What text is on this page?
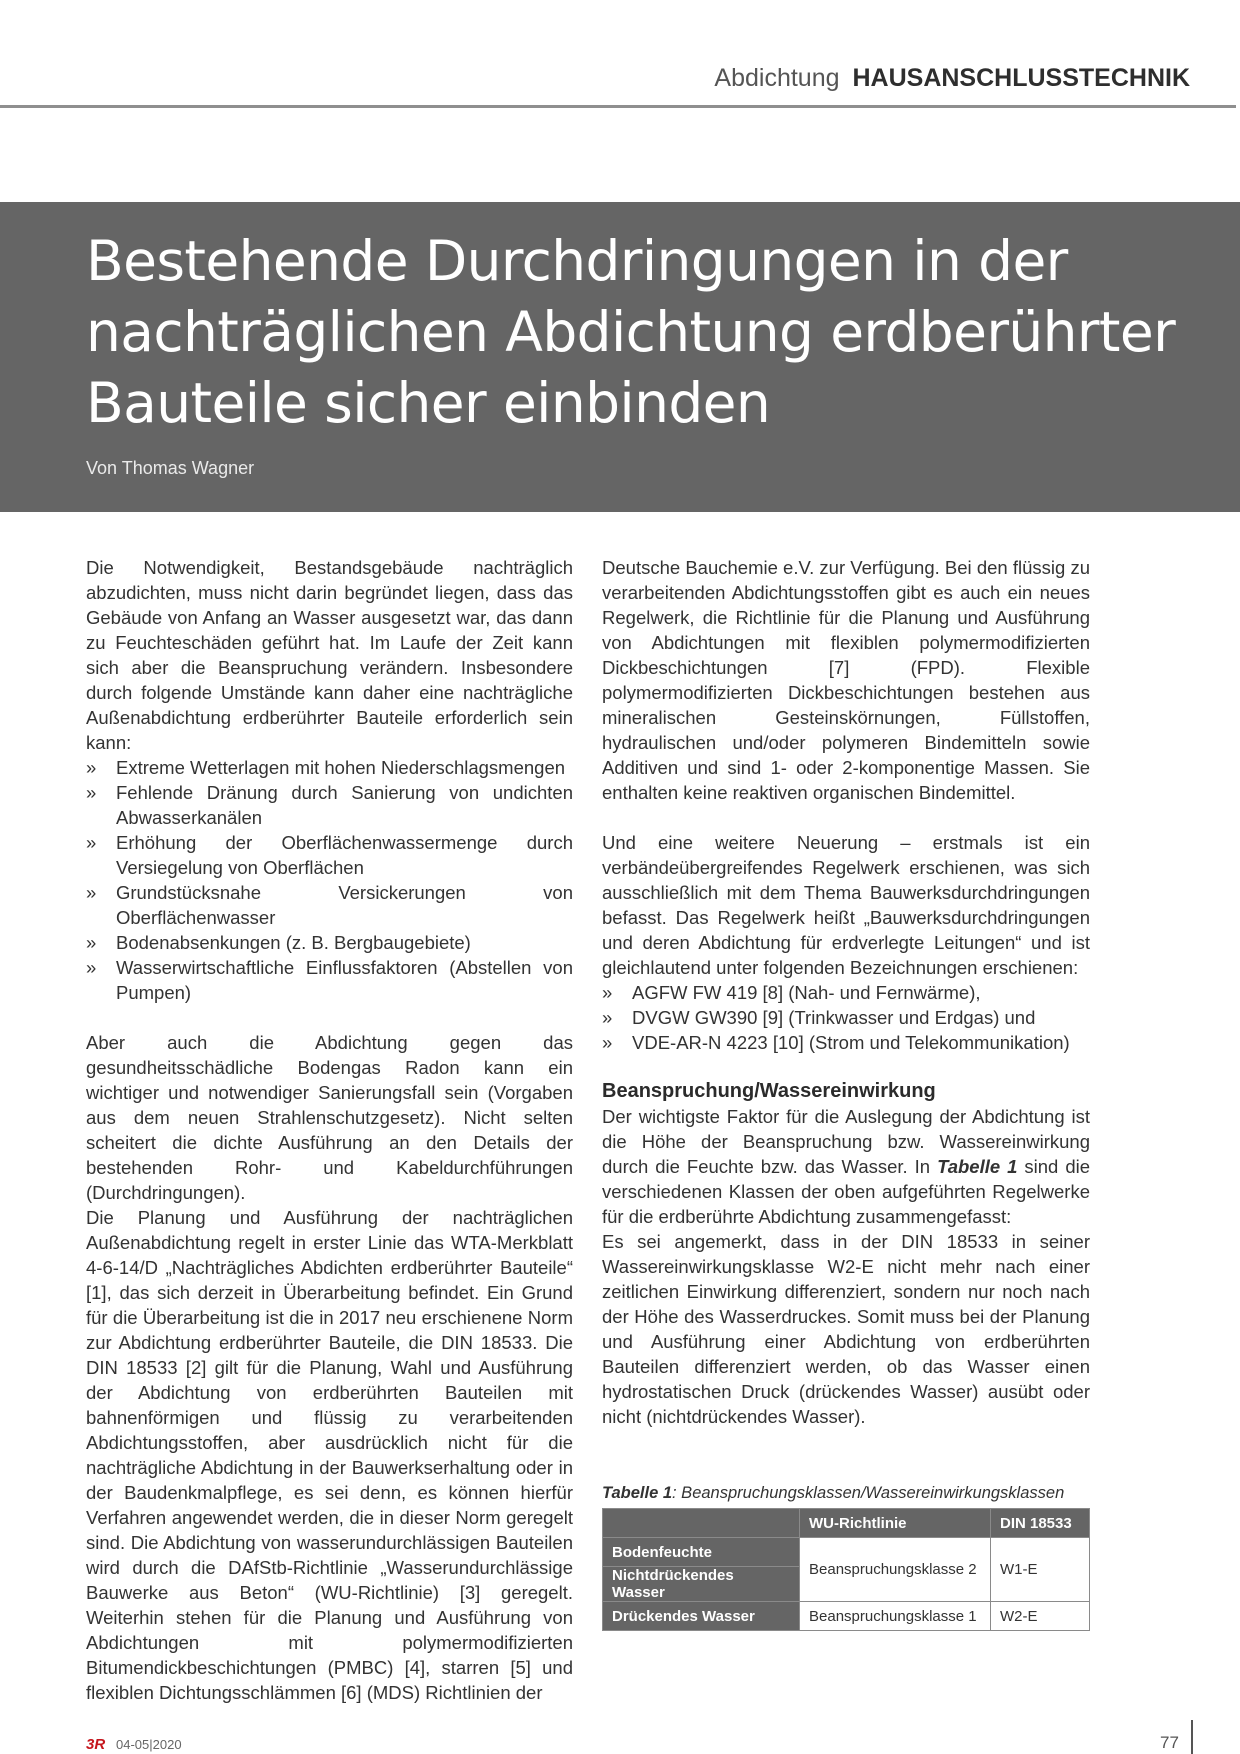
Abdichtung HAUSANSCHLUSSTECHNIK
Bestehende Durchdringungen in der
nachträglichen Abdichtung erdberührter
Bauteile sicher einbinden
Von Thomas Wagner

Die Notwendigkeit, Bestandsgebäude nachträglich abzudichten, muss nicht darin begründet liegen, dass das Gebäude von Anfang an Wasser ausgesetzt war, das dann zu Feuchteschäden geführt hat. Im Laufe der Zeit kann sich aber die Beanspruchung verändern. Insbesondere durch folgende Umstände kann daher eine nachträgliche Außenabdichtung erdberührter Bauteile erforderlich sein kann:

» Extreme Wetterlagen mit hohen Niederschlagsmengen
» Fehlende Dränung durch Sanierung von undichten Abwasserkanälen
» Erhöhung der Oberflächenwassermenge durch Versiegelung von Oberflächen
» Grundstücksnahe Versickerungen von Oberflächenwasser
» Bodenabsenkungen (z. B. Bergbaugebiete)
» Wasserwirtschaftliche Einflussfaktoren (Abstellen von Pumpen)

Aber auch die Abdichtung gegen das gesundheitsschädliche Bodengas Radon kann ein wichtiger und notwendiger Sanierungsfall sein (Vorgaben aus dem neuen Strahlenschutzgesetz). Nicht selten scheitert die dichte Ausführung an den Details der bestehenden Rohr- und Kabeldurchführungen (Durchdringungen).

Die Planung und Ausführung der nachträglichen Außenabdichtung regelt in erster Linie das WTA-Merkblatt 4-6-14/D „Nachträgliches Abdichten erdberührter Bauteile“ [1], das sich derzeit in Überarbeitung befindet. Ein Grund für die Überarbeitung ist die in 2017 neu erschienene Norm zur Abdichtung erdberührter Bauteile, die DIN 18533. Die DIN 18533 [2] gilt für die Planung, Wahl und Ausführung der Abdichtung von erdberührten Bauteilen mit bahnenförmigen und flüssig zu verarbeitenden Abdichtungsstoffen, aber ausdrücklich nicht für die nachträgliche Abdichtung in der Bauwerkserhaltung oder in der Baudenkmalpflege, es sei denn, es können hierfür Verfahren angewendet werden, die in dieser Norm geregelt sind. Die Abdichtung von wasserundurchlässigen Bauteilen wird durch die DAfStb-Richtlinie „Wasserundurchlässige Bauwerke aus Beton“ (WU-Richtlinie) [3] geregelt. Weiterhin stehen für die Planung und Ausführung von Abdichtungen mit polymermodifizierten Bitumendickbeschichtungen (PMBC) [4], starren [5] und flexiblen Dichtungsschlämmen [6] (MDS) Richtlinien der

Deutsche Bauchemie e.V. zur Verfügung. Bei den flüssig zu verarbeitenden Abdichtungsstoffen gibt es auch ein neues Regelwerk, die Richtlinie für die Planung und Ausführung von Abdichtungen mit flexiblen polymermodifizierten Dickbeschichtungen [7] (FPD). Flexible polymermodifizierten Dickbeschichtungen bestehen aus mineralischen Gesteinskörnungen, Füllstoffen, hydraulischen und/oder polymeren Bindemitteln sowie Additiven und sind 1- oder 2-komponentige Massen. Sie enthalten keine reaktiven organischen Bindemittel.

Und eine weitere Neuerung – erstmals ist ein verbändeübergreifendes Regelwerk erschienen, was sich ausschließlich mit dem Thema Bauwerksdurchdringungen befasst. Das Regelwerk heißt „Bauwerksdurchdringungen und deren Abdichtung für erdverlegte Leitungen“ und ist gleichlautend unter folgenden Bezeichnungen erschienen:

» AGFW FW 419 [8] (Nah- und Fernwärme),
» DVGW GW390 [9] (Trinkwasser und Erdgas) und
» VDE-AR-N 4223 [10] (Strom und Telekommunikation)
Beanspruchung/Wassereinwirkung

Der wichtigste Faktor für die Auslegung der Abdichtung ist die Höhe der Beanspruchung bzw. Wassereinwirkung durch die Feuchte bzw. das Wasser. In Tabelle 1 sind die verschiedenen Klassen der oben aufgeführten Regelwerke für die erdberührte Abdichtung zusammengefasst:

Es sei angemerkt, dass in der DIN 18533 in seiner Wassereinwirkungsklasse W2-E nicht mehr nach einer zeitlichen Einwirkung differenziert, sondern nur noch nach der Höhe des Wasserdruckes. Somit muss bei der Planung und Ausführung einer Abdichtung von erdberührten Bauteilen differenziert werden, ob das Wasser einen hydrostatischen Druck (drückendes Wasser) ausübt oder nicht (nichtdrückendes Wasser).

Tabelle 1: Beanspruchungsklassen/Wassereinwirkungsklassen
	WU-Richtlinie	DIN 18533
Bodenfeuchte	Beanspruchungsklasse 2	W1-E
Nichtdrückendes Wasser		
Drückendes Wasser	Beanspruchungsklasse 1	W2-E
3R 04-05|2020	77
